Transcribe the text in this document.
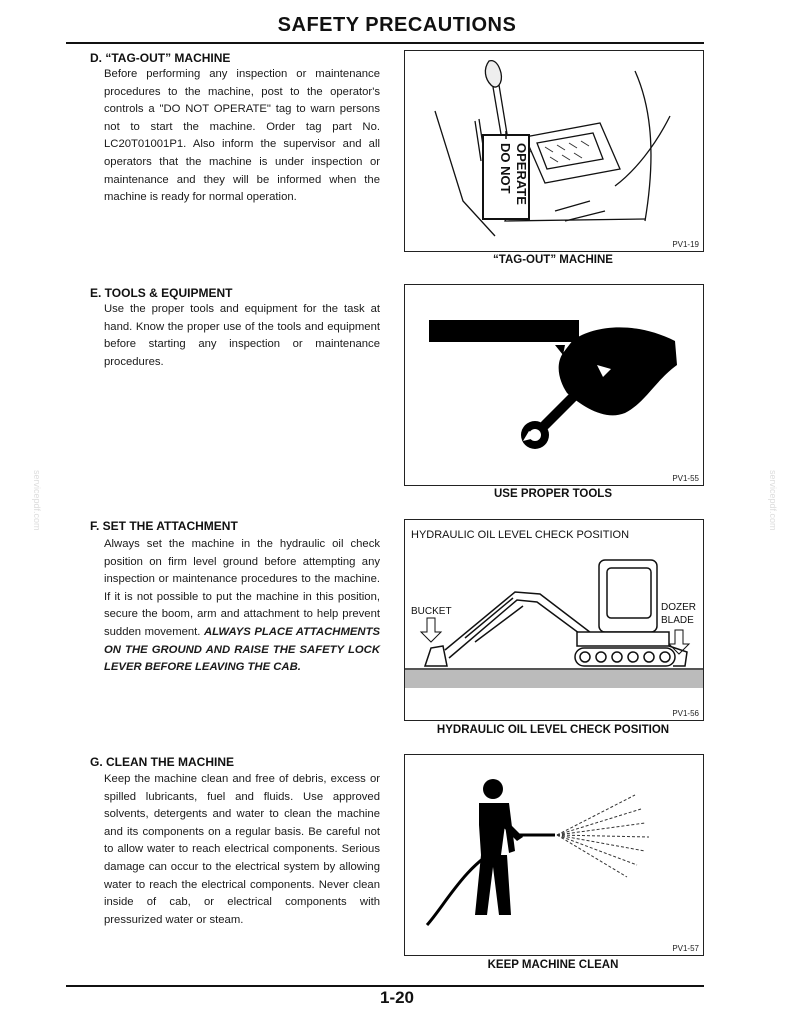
SAFETY PRECAUTIONS
servicepdf.com	servicepdf.com
D. “TAG-OUT” MACHINE
Before performing any inspection or maintenance procedures to the machine, post to the operator's controls a "DO NOT OPERATE" tag to warn persons not to start the machine. Order tag part No. LC20T01001P1. Also inform the supervisor and all operators that the machine is under inspection or maintenance and they will be informed when the machine is ready for normal operation.
DO NOT OPERATE
PV1-19
“TAG-OUT” MACHINE
E. TOOLS & EQUIPMENT
Use the proper tools and equipment for the task at hand. Know the proper use of the tools and equipment before starting any inspection or maintenance procedures.
PV1-55
USE PROPER TOOLS
F. SET THE ATTACHMENT
Always set the machine in the hydraulic oil check position on firm level ground before attempting any inspection or maintenance procedures to the machine. If it is not possible to put the machine in this position, secure the boom, arm and attachment to help prevent sudden movement. ALWAYS PLACE ATTACHMENTS ON THE GROUND AND RAISE THE SAFETY LOCK LEVER BEFORE LEAVING THE CAB.
HYDRAULIC OIL LEVEL CHECK POSITION
BUCKET	DOZER
BLADE
PV1-56
HYDRAULIC OIL LEVEL CHECK POSITION
G. CLEAN THE MACHINE
Keep the machine clean and free of debris, excess or spilled lubricants, fuel and fluids. Use approved solvents, detergents and water to clean the machine and its components on a regular basis. Be careful not to allow water to reach electrical components. Serious damage can occur to the electrical system by allowing water to reach the electrical components. Never clean inside of cab, or electrical components with pressurized water or steam.
PV1-57
KEEP MACHINE CLEAN
1-20
